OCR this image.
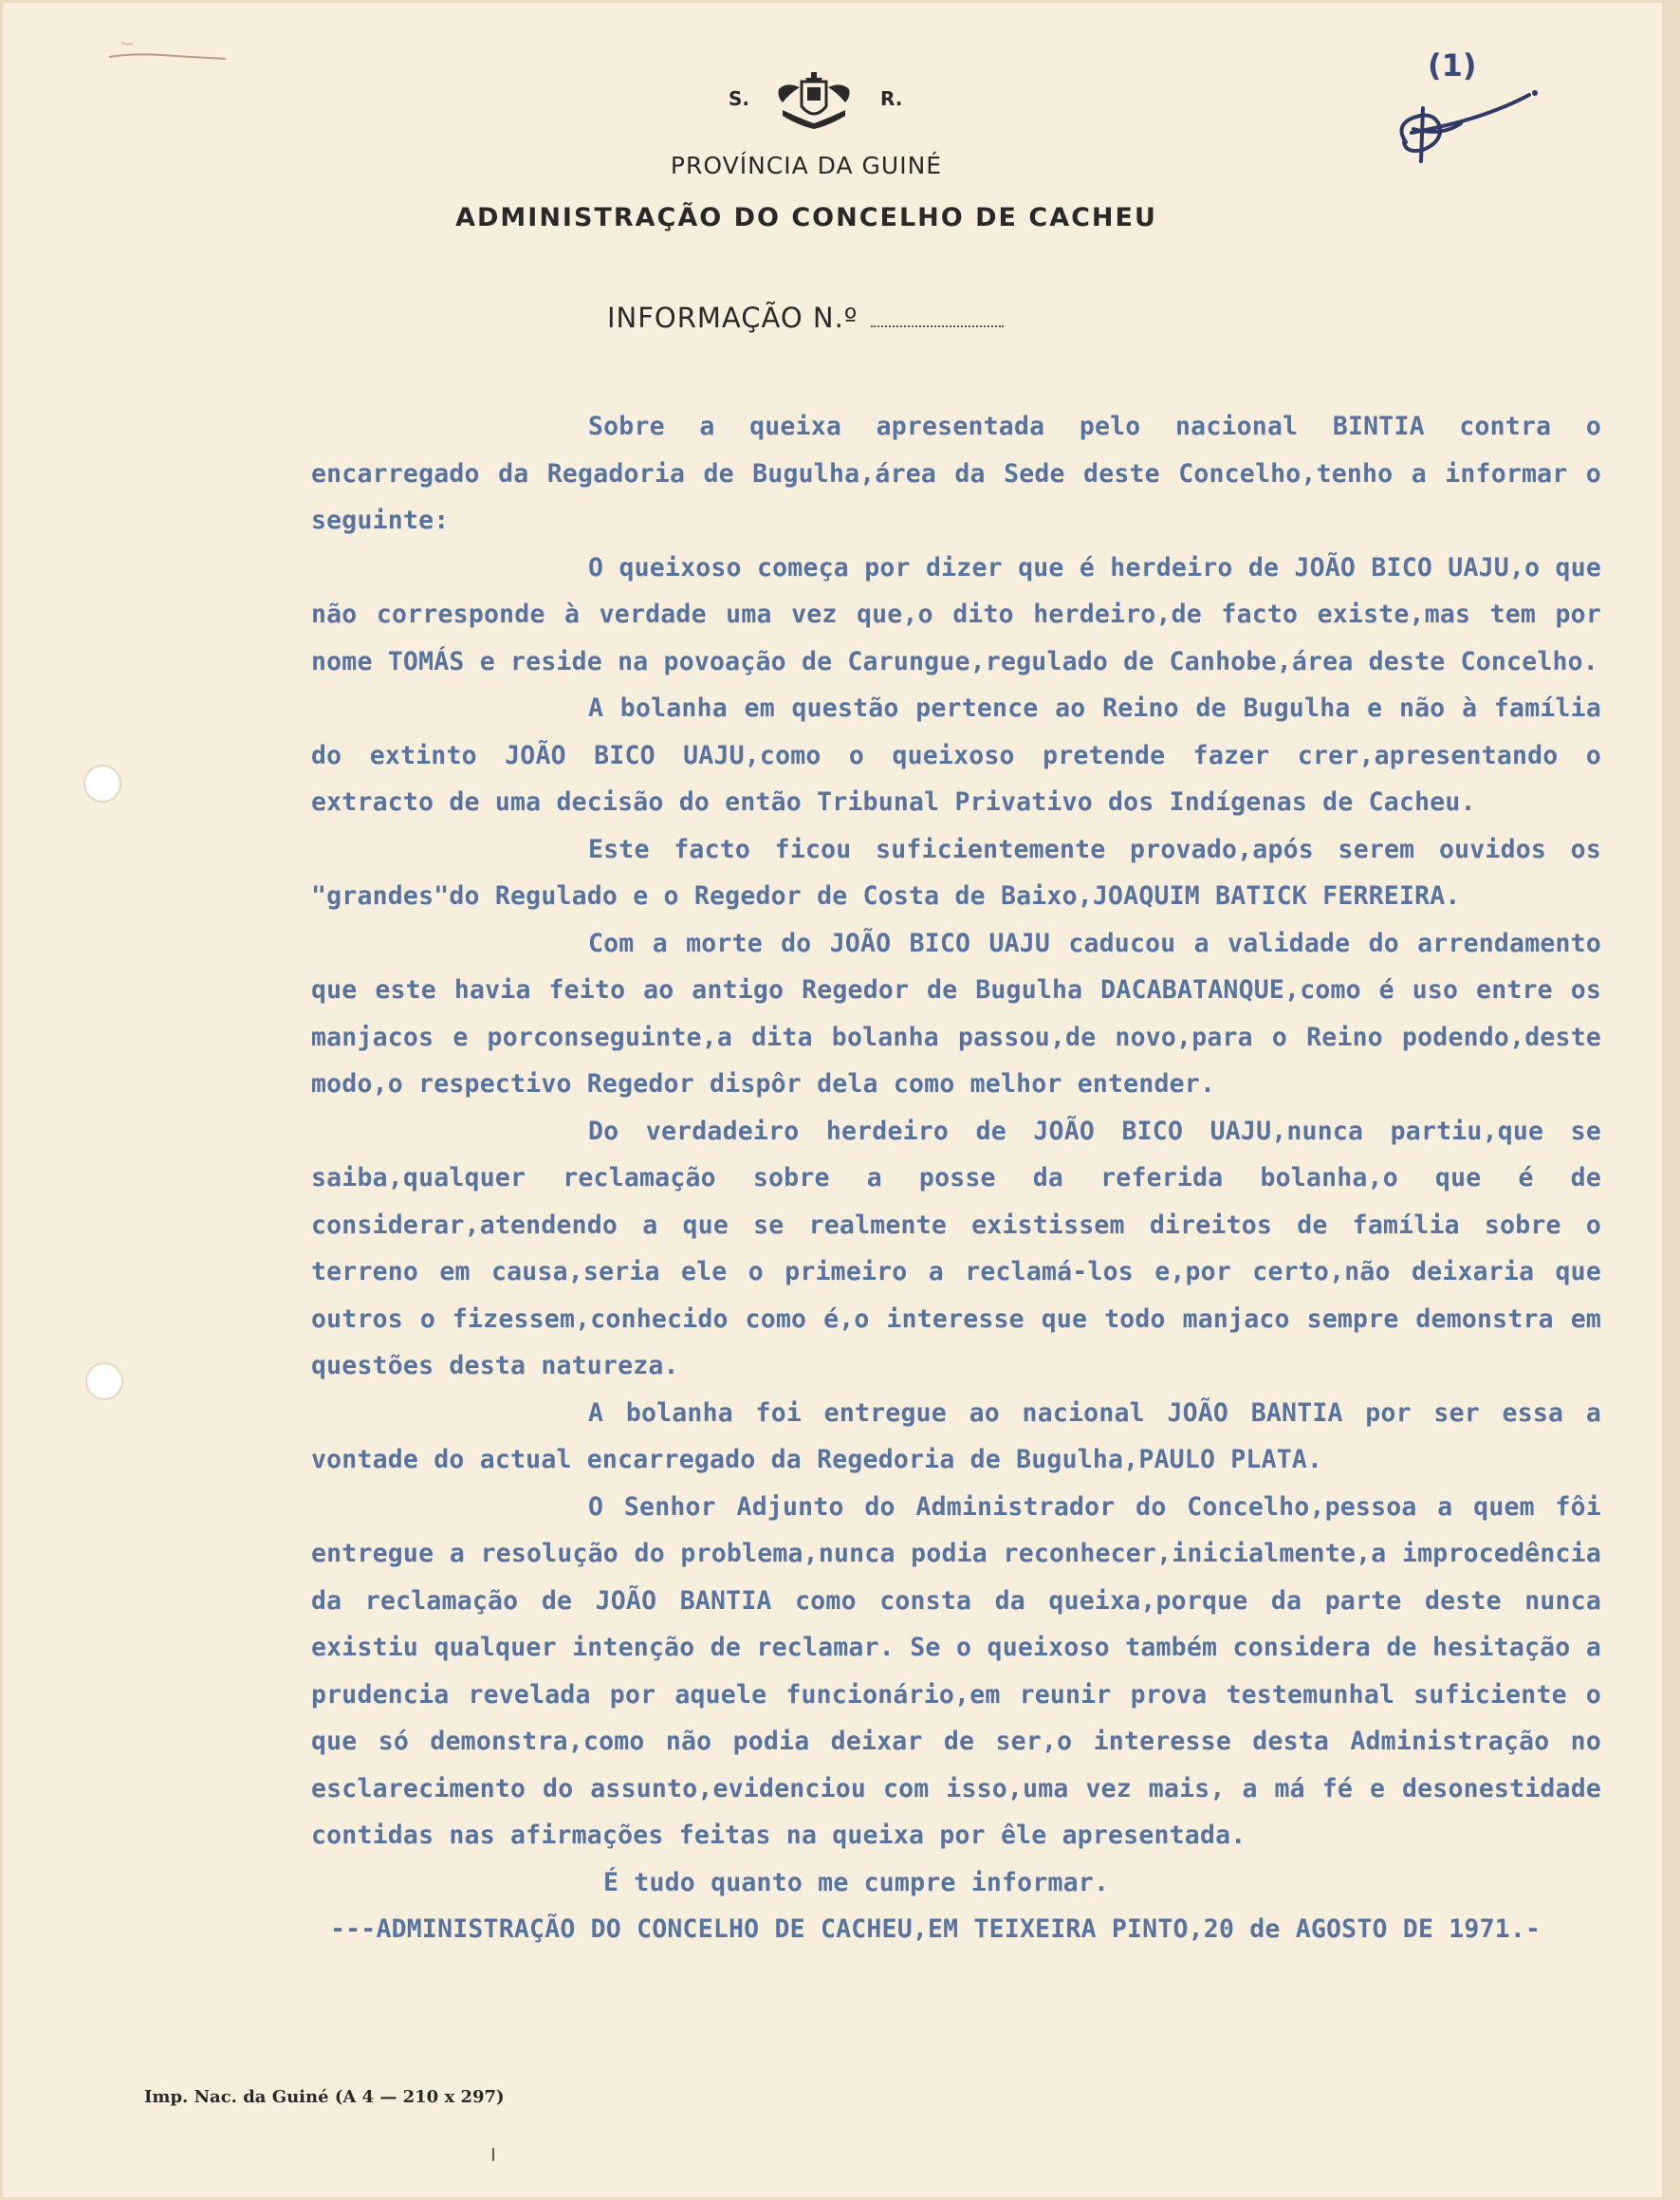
S.	R.
PROVÍNCIA DA GUINÉ
ADMINISTRAÇÃO DO CONCELHO DE CACHEU
INFORMAÇÃO N.º
(1)

Sobre a queixa apresentada pelo nacional BINTIA contra o encarregado da Regadoria de Bugulha,área da Sede deste Concelho,tenho a informar o seguinte:

O queixoso começa por dizer que é herdeiro de JOÃO BICO UAJU,o que não corresponde à verdade uma vez que,o dito herdeiro,de facto existe,mas tem por nome TOMÁS e reside na povoação de Carungue,regulado de Canhobe,área deste Concelho.

A bolanha em questão pertence ao Reino de Bugulha e não à família do extinto JOÃO BICO UAJU,como o queixoso pretende fazer crer,apresentando o extracto de uma decisão do então Tribunal Privativo dos Indígenas de Cacheu.

Este facto ficou suficientemente provado,após serem ouvidos os "grandes"do Regulado e o Regedor de Costa de Baixo,JOAQUIM BATICK FERREIRA.

Com a morte do JOÃO BICO UAJU caducou a validade do arrendamento que este havia feito ao antigo Regedor de Bugulha DACABATANQUE,como é uso entre os manjacos e porconseguinte,a dita bolanha passou,de novo,para o Reino podendo,deste modo,o respectivo Regedor dispôr dela como melhor entender.

Do verdadeiro herdeiro de JOÃO BICO UAJU,nunca partiu,que se saiba,qualquer reclamação sobre a posse da referida bolanha,o que é de considerar,atendendo a que se realmente existissem direitos de família sobre o terreno em causa,seria ele o primeiro a reclamá-los e,por certo,não deixaria que outros o fizessem,conhecido como é,o interesse que todo manjaco sempre demonstra em questões desta natureza.

A bolanha foi entregue ao nacional JOÃO BANTIA por ser essa a vontade do actual encarregado da Regedoria de Bugulha,PAULO PLATA.

O Senhor Adjunto do Administrador do Concelho,pessoa a quem fôi entregue a resolução do problema,nunca podia reconhecer,inicialmente,a improcedência da reclamação de JOÃO BANTIA como consta da queixa,porque da parte deste nunca existiu qualquer intenção de reclamar. Se o queixoso também considera de hesitação a prudencia revelada por aquele funcionário,em reunir prova testemunhal suficiente o que só demonstra,como não podia deixar de ser,o interesse desta Administração no esclarecimento do assunto,evidenciou com isso,uma vez mais, a má fé e desonestidade contidas nas afirmações feitas na queixa por êle apresentada.

É tudo quanto me cumpre informar.

---ADMINISTRAÇÃO DO CONCELHO DE CACHEU,EM TEIXEIRA PINTO,20 de AGOSTO DE 1971.-

Imp. Nac. da Guiné (A 4 — 210 x 297)
